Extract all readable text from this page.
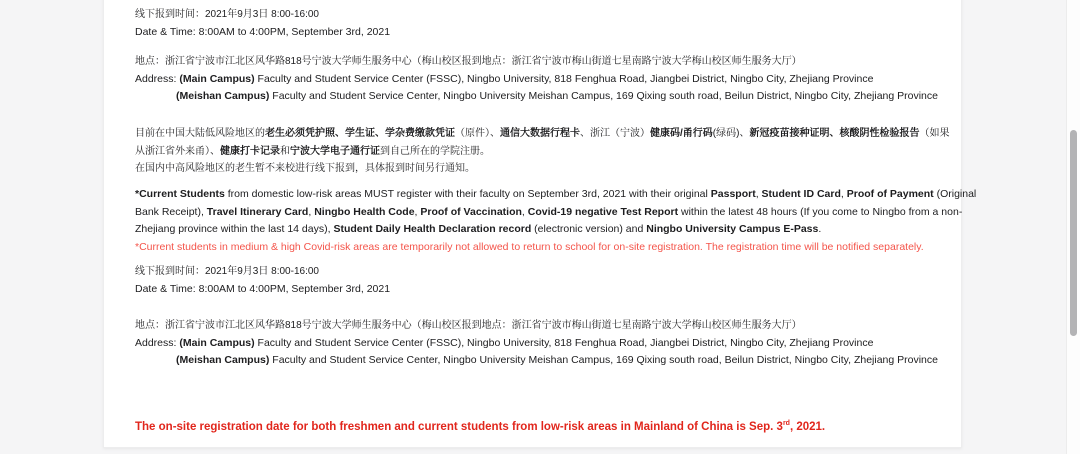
线下报到时间：2021年9月3日 8:00-16:00
Date & Time: 8:00AM to 4:00PM, September 3rd, 2021
地点：浙江省宁波市江北区风华路818号宁波大学师生服务中心（梅山校区报到地点：浙江省宁波市梅山街道七星南路宁波大学梅山校区师生服务大厅）
Address: (Main Campus) Faculty and Student Service Center (FSSC), Ningbo University, 818 Fenghua Road, Jiangbei District, Ningbo City, Zhejiang Province
(Meishan Campus) Faculty and Student Service Center, Ningbo University Meishan Campus, 169 Qixing south road, Beilun District, Ningbo City, Zhejiang Province
目前在中国大陆低风险地区的老生必须凭护照、学生证、学杂费缴款凭证（原件）、通信大数据行程卡、浙江（宁波）健康码/甬行码(绿码)、新冠疫苗接种证明、核酸阴性检验报告（如果
从浙江省外来甬）、健康打卡记录和宁波大学电子通行证到自己所在的学院注册。
在国内中高风险地区的老生暂不来校进行线下报到，具体报到时间另行通知。
*Current Students from domestic low-risk areas MUST register with their faculty on September 3rd, 2021 with their original Passport, Student ID Card, Proof of Payment (Original
Bank Receipt), Travel Itinerary Card, Ningbo Health Code, Proof of Vaccination, Covid-19 negative Test Report within the latest 48 hours (If you come to Ningbo from a non-
Zhejiang province within the last 14 days), Student Daily Health Declaration record (electronic version) and Ningbo University Campus E-Pass.
*Current students in medium & high Covid-risk areas are temporarily not allowed to return to school for on-site registration. The registration time will be notified separately.
线下报到时间：2021年9月3日 8:00-16:00
Date & Time: 8:00AM to 4:00PM, September 3rd, 2021
地点：浙江省宁波市江北区风华路818号宁波大学师生服务中心（梅山校区报到地点：浙江省宁波市梅山街道七星南路宁波大学梅山校区师生服务大厅）
Address: (Main Campus) Faculty and Student Service Center (FSSC), Ningbo University, 818 Fenghua Road, Jiangbei District, Ningbo City, Zhejiang Province
(Meishan Campus) Faculty and Student Service Center, Ningbo University Meishan Campus, 169 Qixing south road, Beilun District, Ningbo City, Zhejiang Province
The on-site registration date for both freshmen and current students from low-risk areas in Mainland of China is Sep. 3rd, 2021.
